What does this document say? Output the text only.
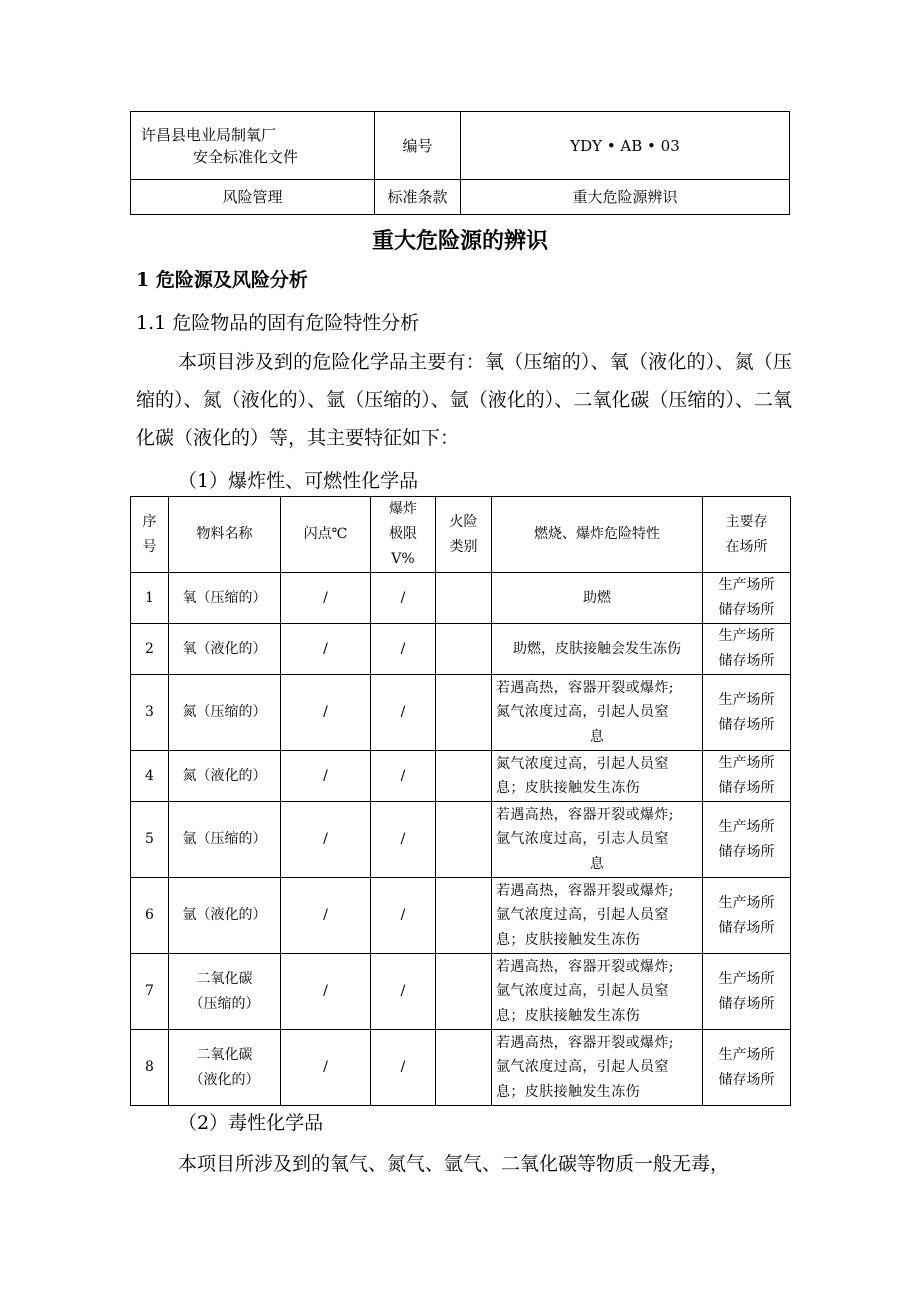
许昌县电业局制氧厂
安全标准化文件	编号	YDY • AB • 03
风险管理	标准条款	重大危险源辨识
重大危险源的辨识
1 危险源及风险分析
1.1 危险物品的固有危险特性分析
本项目涉及到的危险化学品主要有：氧（压缩的）、氧（液化的）、氮（压缩的）、氮（液化的）、氩（压缩的）、氩（液化的）、二氧化碳（压缩的）、二氧化碳（液化的）等，其主要特征如下：
（1）爆炸性、可燃性化学品
序
号	物料名称	闪点℃	爆炸
极限
V%	火险
类别	燃烧、爆炸危险特性	主要存
在场所
1	氧（压缩的）	/	/		助燃	生产场所
储存场所
2	氧（液化的）	/	/		助燃，皮肤接触会发生冻伤	生产场所
储存场所
3	氮（压缩的）	/	/		若遇高热，容器开裂或爆炸;
氮气浓度过高，引起人员窒

息	生产场所
储存场所
4	氮（液化的）	/	/		氮气浓度过高，引起人员窒
息；皮肤接触发生冻伤	生产场所
储存场所
5	氩（压缩的）	/	/		若遇高热，容器开裂或爆炸;
氩气浓度过高，引志人员窒

息	生产场所
储存场所
6	氩（液化的）	/	/		若遇高热，容器开裂或爆炸;
氩气浓度过高，引起人员窒
息；皮肤接触发生冻伤	生产场所
储存场所
7	二氧化碳
（压缩的）	/	/		若遇高热，容器开裂或爆炸;
氩气浓度过高，引起人员窒
息；皮肤接触发生冻伤	生产场所
储存场所
8	二氧化碳
（液化的）	/	/		若遇高热，容器开裂或爆炸;
氩气浓度过高，引起人员窒
息；皮肤接触发生冻伤	生产场所
储存场所
（2）毒性化学品
本项目所涉及到的氧气、氮气、氩气、二氧化碳等物质一般无毒，
